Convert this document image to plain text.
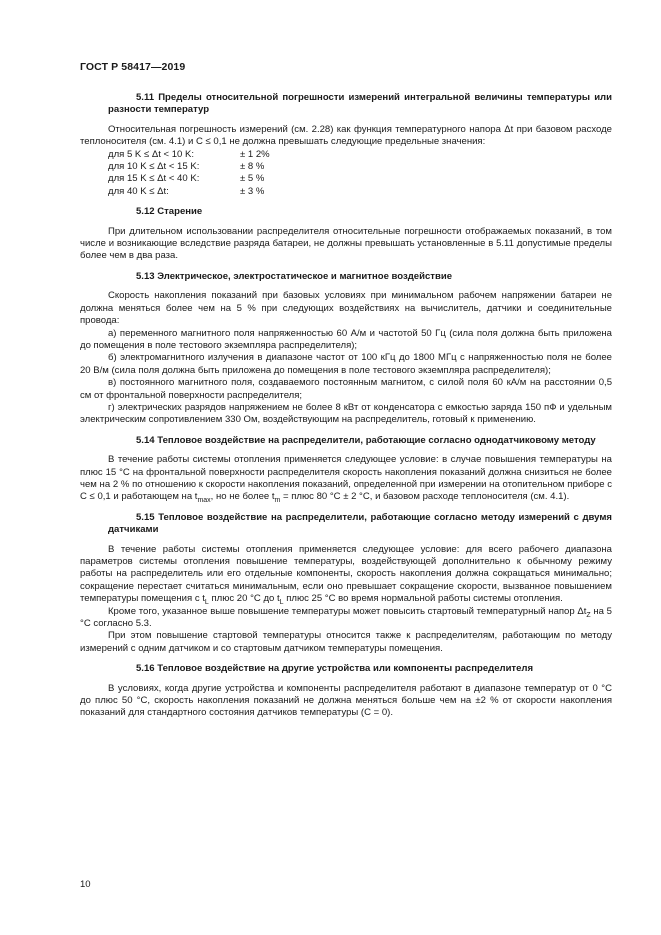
ГОСТ Р 58417—2019

5.11 Пределы относительной погрешности измерений интегральной величины температуры или разности температур

Относительная погрешность измерений (см. 2.28) как функция температурного напора Δt при базовом расходе теплоносителя (см. 4.1) и C ≤ 0,1 не должна превышать следующие предельные значения:

для 5 K ≤ Δt < 10 K:	± 1 2%
для 10 K ≤ Δt < 15 K:	± 8 %
для 15 K ≤ Δt < 40 K:	± 5 %
для 40 K ≤ Δt:	± 3 %

5.12 Старение

При длительном использовании распределителя относительные погрешности отображаемых показаний, в том числе и возникающие вследствие разряда батареи, не должны превышать установленные в 5.11 допустимые пределы более чем в два раза.

5.13 Электрическое, электростатическое и магнитное воздействие

Скорость накопления показаний при базовых условиях при минимальном рабочем напряжении батареи не должна меняться более чем на 5 % при следующих воздействиях на вычислитель, датчики и соединительные провода:

а) переменного магнитного поля напряженностью 60 А/м и частотой 50 Гц (сила поля должна быть приложена до помещения в поле тестового экземпляра распределителя);

б) электромагнитного излучения в диапазоне частот от 100 кГц до 1800 МГц с напряженностью поля не более 20 В/м (сила поля должна быть приложена до помещения в поле тестового экземпляра распределителя);

в) постоянного магнитного поля, создаваемого постоянным магнитом, с силой поля 60 кА/м на расстоянии 0,5 см от фронтальной поверхности распределителя;

г) электрических разрядов напряжением не более 8 кВт от конденсатора с емкостью заряда 150 пФ и удельным электрическим сопротивлением 330 Ом, воздействующим на распределитель, готовый к применению.

5.14 Тепловое воздействие на распределители, работающие согласно однодатчиковому методу

В течение работы системы отопления применяется следующее условие: в случае повышения температуры на плюс 15 °C на фронтальной поверхности распределителя скорость накопления показаний должна снизиться не более чем на 2 % по отношению к скорости накопления показаний, определенной при измерении на отопительном приборе с C ≤ 0,1 и работающем на $t_{max}$, но не более $t_m$ = плюс 80 °C ± 2 °C, и базовом расходе теплоносителя (см. 4.1).

5.15 Тепловое воздействие на распределители, работающие согласно методу измерений с двумя датчиками

В течение работы системы отопления применяется следующее условие: для всего рабочего диапазона параметров системы отопления повышение температуры, воздействующей дополнительно к обычному режиму работы на распределитель или его отдельные компоненты, скорость накопления должна сокращаться минимально; сокращение перестает считаться минимальным, если оно превышает сокращение скорости, вызванное повышением температуры помещения с $t_L$ плюс 20 °C до $t_L$ плюс 25 °C во время нормальной работы системы отопления.

Кроме того, указанное выше повышение температуры может повысить стартовый температурный напор $\Delta t_Z$ на 5 °C согласно 5.3.

При этом повышение стартовой температуры относится также к распределителям, работающим по методу измерений с одним датчиком и со стартовым датчиком температуры помещения.

5.16 Тепловое воздействие на другие устройства или компоненты распределителя

В условиях, когда другие устройства и компоненты распределителя работают в диапазоне температур от 0 °C до плюс 50 °C, скорость накопления показаний не должна меняться больше чем на ±2 % от скорости накопления показаний для стандартного состояния датчиков температуры (C = 0).

10
